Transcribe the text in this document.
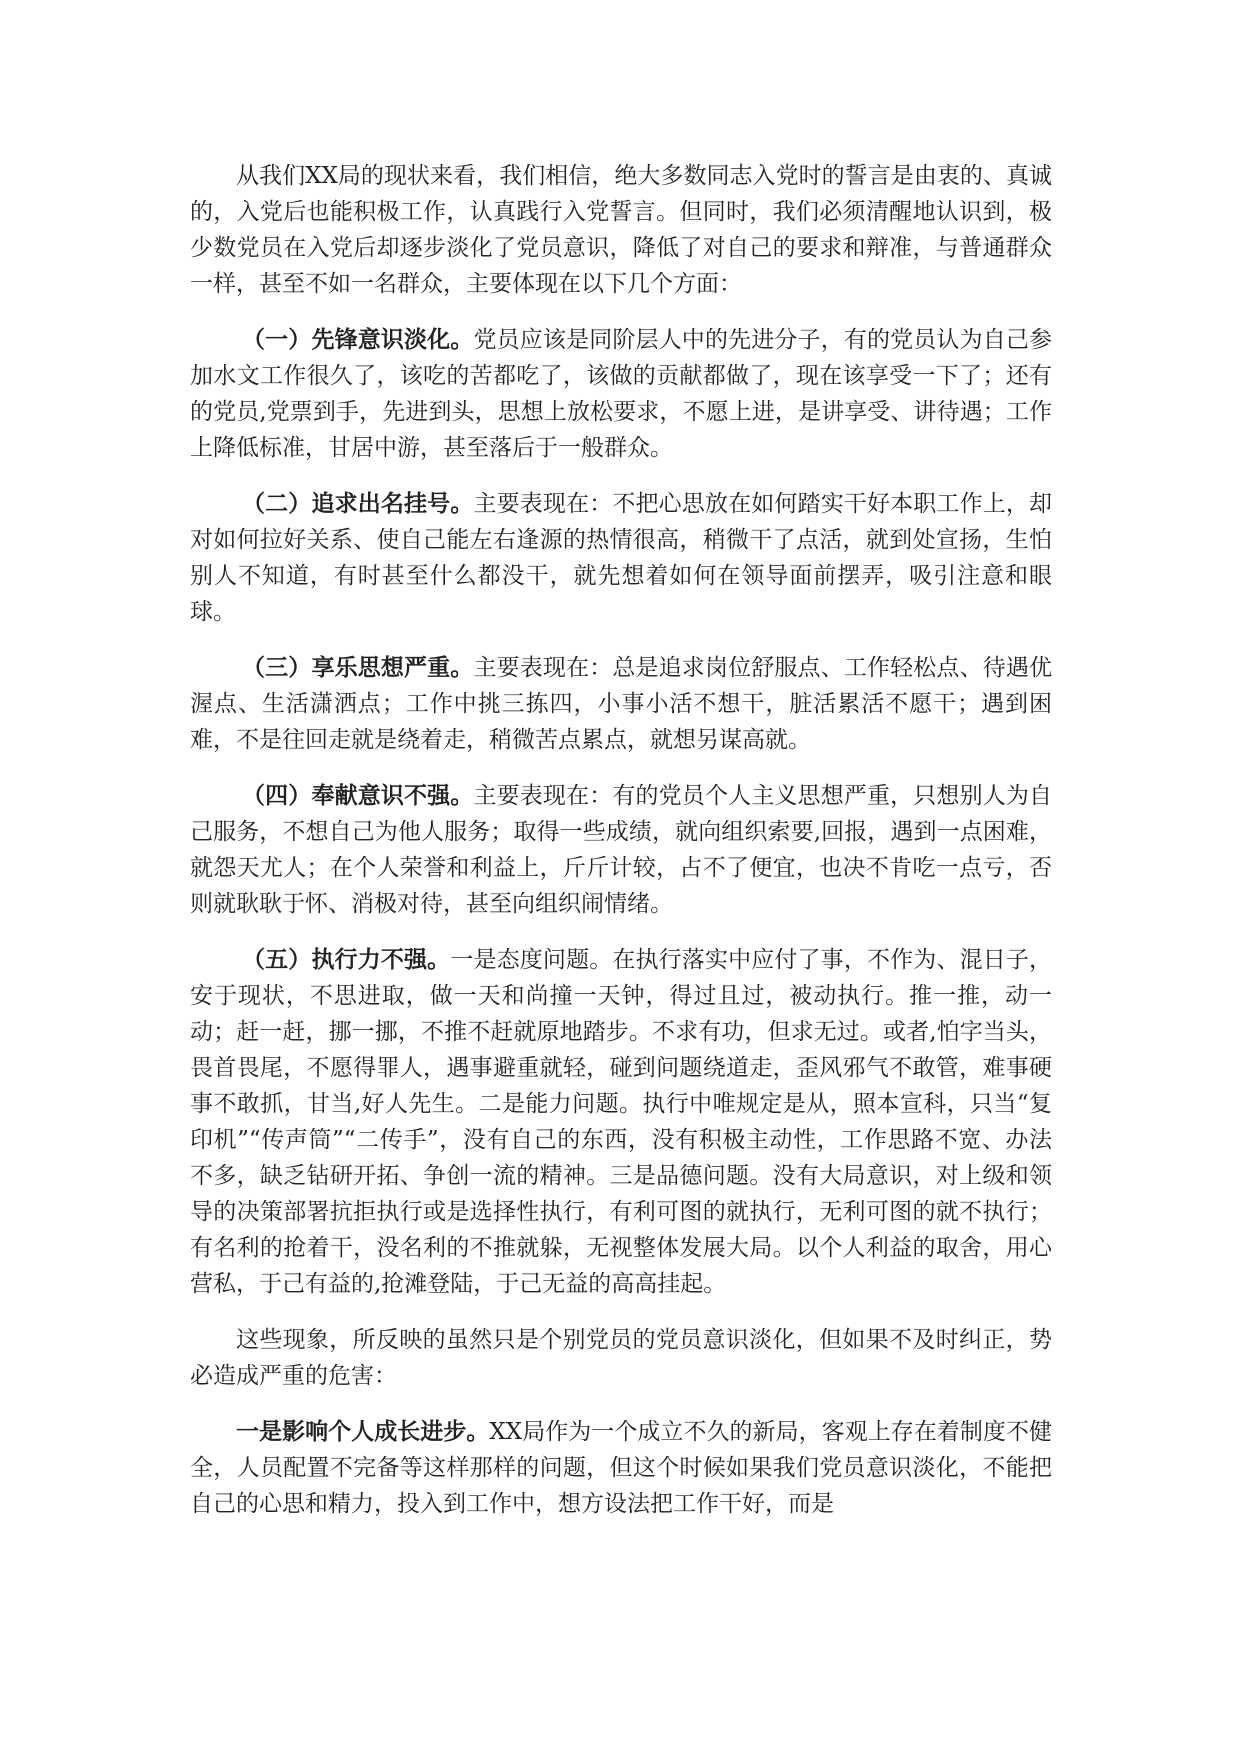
从我们XX局的现状来看，我们相信，绝大多数同志入党时的誓言是由衷的、真诚的，入党后也能积极工作，认真践行入党誓言。但同时，我们必须清醒地认识到，极少数党员在入党后却逐步淡化了党员意识，降低了对自己的要求和辩准，与普通群众一样，甚至不如一名群众，主要体现在以下几个方面：

（一）先锋意识淡化。党员应该是同阶层人中的先进分子，有的党员认为自己参加水文工作很久了，该吃的苦都吃了，该做的贡献都做了，现在该享受一下了；还有的党员,党票到手，先进到头，思想上放松要求，不愿上进，是讲享受、讲待遇；工作上降低标准，甘居中游，甚至落后于一般群众。

（二）追求出名挂号。主要表现在：不把心思放在如何踏实干好本职工作上，却对如何拉好关系、使自己能左右逢源的热情很高，稍微干了点活，就到处宣扬，生怕别人不知道，有时甚至什么都没干，就先想着如何在领导面前摆弄，吸引注意和眼球。

（三）享乐思想严重。主要表现在：总是追求岗位舒服点、工作轻松点、待遇优渥点、生活潇洒点；工作中挑三拣四，小事小活不想干，脏活累活不愿干；遇到困难，不是往回走就是绕着走，稍微苦点累点，就想另谋高就。

（四）奉献意识不强。主要表现在：有的党员个人主义思想严重，只想别人为自己服务，不想自己为他人服务；取得一些成绩，就向组织索要,回报，遇到一点困难，就怨天尤人；在个人荣誉和利益上，斤斤计较，占不了便宜，也决不肯吃一点亏，否则就耿耿于怀、消极对待，甚至向组织闹情绪。

（五）执行力不强。一是态度问题。在执行落实中应付了事，不作为、混日子，安于现状，不思进取，做一天和尚撞一天钟，得过且过，被动执行。推一推，动一动；赶一赶，挪一挪，不推不赶就原地踏步。不求有功，但求无过。或者,怕字当头，畏首畏尾，不愿得罪人，遇事避重就轻，碰到问题绕道走，歪风邪气不敢管，难事硬事不敢抓，甘当,好人先生。二是能力问题。执行中唯规定是从，照本宣科，只当“复印机”“传声筒”“二传手”，没有自己的东西，没有积极主动性，工作思路不宽、办法不多，缺乏钻研开拓、争创一流的精神。三是品德问题。没有大局意识，对上级和领导的决策部署抗拒执行或是选择性执行，有利可图的就执行，无利可图的就不执行；有名利的抢着干，没名利的不推就躲，无视整体发展大局。以个人利益的取舍，用心营私，于己有益的,抢滩登陆，于己无益的高高挂起。

这些现象，所反映的虽然只是个别党员的党员意识淡化，但如果不及时纠正，势必造成严重的危害：

一是影响个人成长进步。XX局作为一个成立不久的新局，客观上存在着制度不健全，人员配置不完备等这样那样的问题，但这个时候如果我们党员意识淡化，不能把自己的心思和精力，投入到工作中，想方设法把工作干好，而是
